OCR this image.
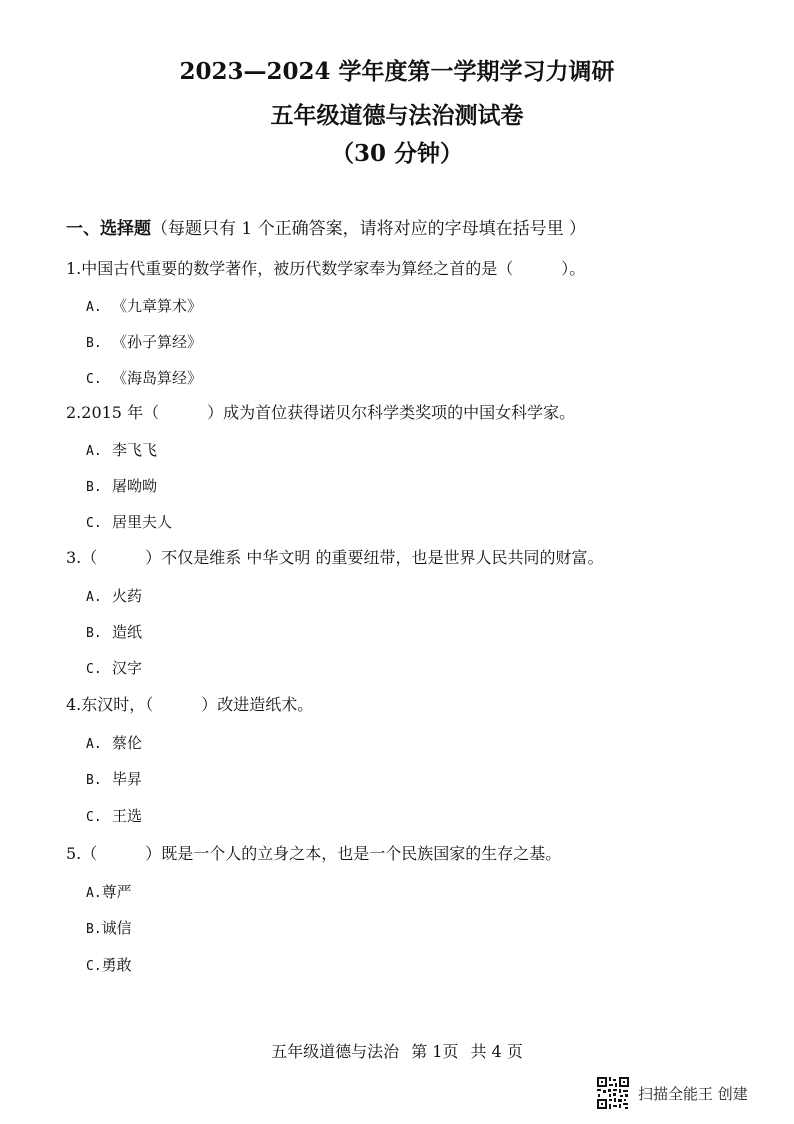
2023—2024 学年度第一学期学习力调研
五年级道德与法治测试卷
（30 分钟）
一、选择题（每题只有 1 个正确答案，请将对应的字母填在括号里 ）
1.中国古代重要的数学著作，被历代数学家奉为算经之首的是（　　　）。
A. 《九章算术》
B. 《孙子算经》
C. 《海岛算经》
2.2015 年（　　　）成为首位获得诺贝尔科学类奖项的中国女科学家。
A. 李飞飞
B. 屠呦呦
C. 居里夫人
3.（　　　）不仅是维系 中华文明 的重要纽带，也是世界人民共同的财富。
A. 火药
B. 造纸
C. 汉字
4.东汉时，（　　　）改进造纸术。
A. 蔡伦
B. 毕昇
C. 王选
5.（　　　）既是一个人的立身之本，也是一个民族国家的生存之基。
A.尊严
B.诚信
C.勇敢
五年级道德与法治 第 1页 共 4 页
扫描全能王 创建
